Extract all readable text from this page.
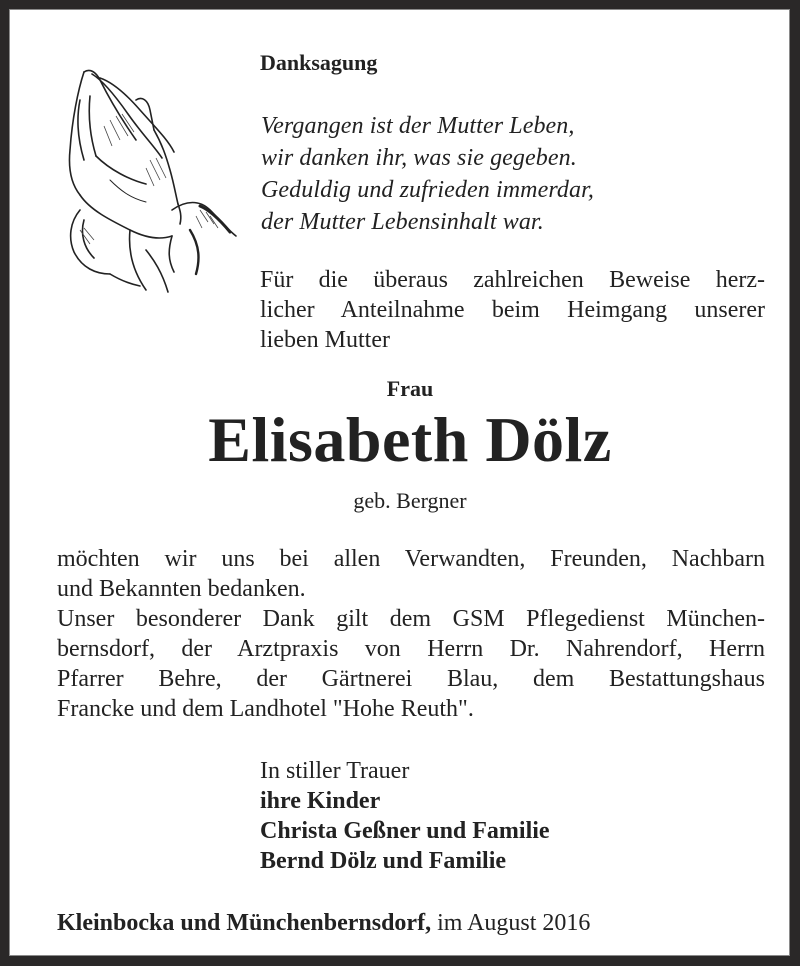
Danksagung
Vergangen ist der Mutter Leben,
wir danken ihr, was sie gegeben.
Geduldig und zufrieden immerdar,
der Mutter Lebensinhalt war.
Für die überaus zahlreichen Beweise herz-
licher Anteilnahme beim Heimgang unserer
lieben Mutter
Frau
Elisabeth Dölz
geb. Bergner
möchten wir uns bei allen Verwandten, Freunden, Nachbarn
und Bekannten bedanken.
Unser besonderer Dank gilt dem GSM Pflegedienst München-
bernsdorf, der Arztpraxis von Herrn Dr. Nahrendorf, Herrn
Pfarrer Behre, der Gärtnerei Blau, dem Bestattungshaus
Francke und dem Landhotel "Hohe Reuth".
In stiller Trauer
ihre Kinder
Christa Geßner und Familie
Bernd Dölz und Familie
Kleinbocka und Münchenbernsdorf, im August 2016
